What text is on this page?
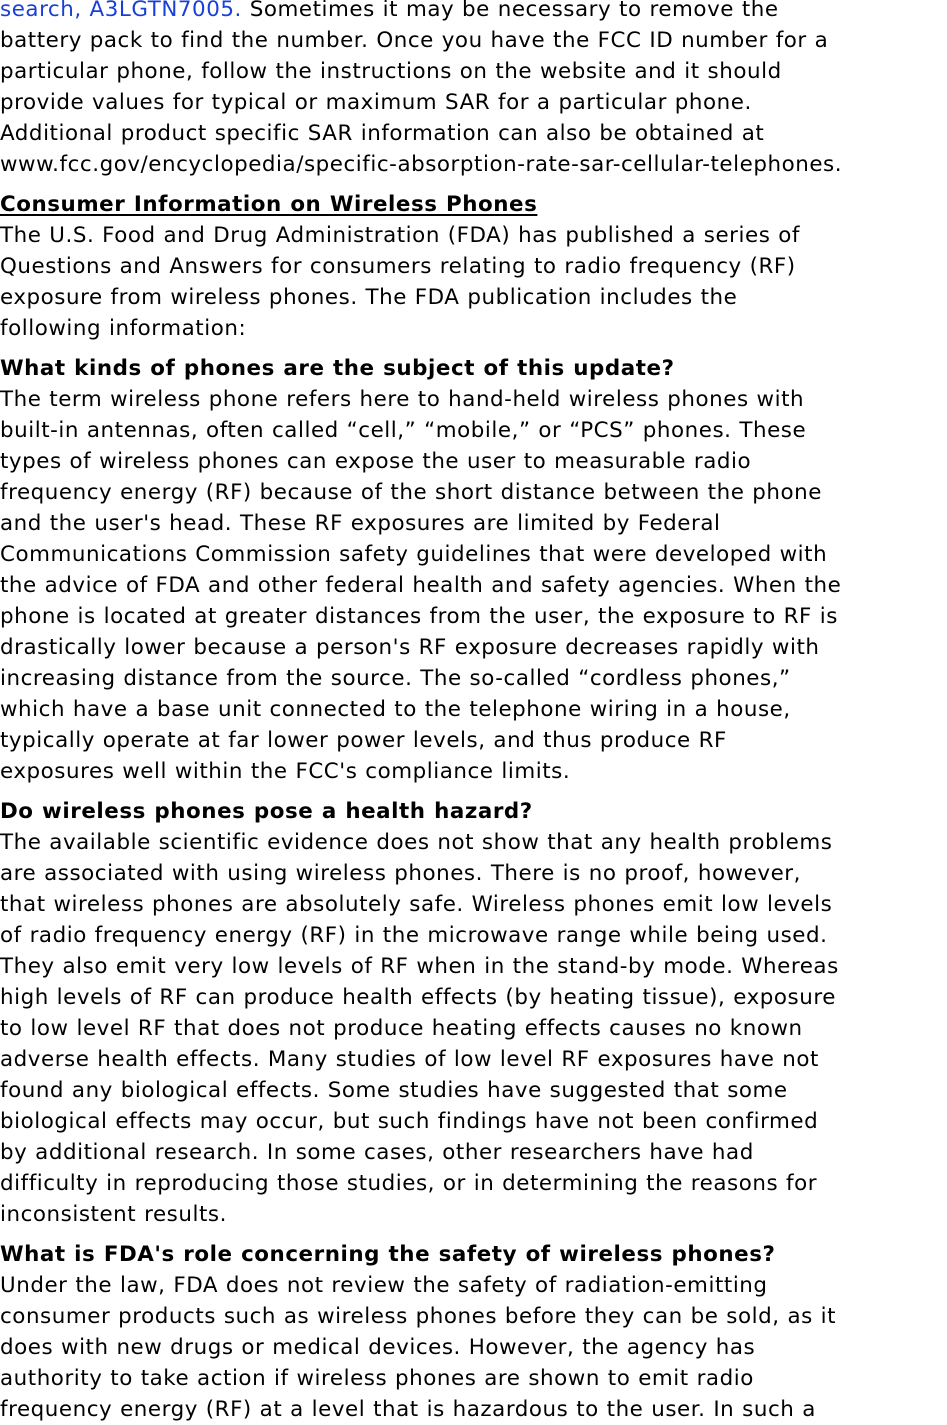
search, A3LGTN7005. Sometimes it may be necessary to remove the
battery pack to find the number. Once you have the FCC ID number for a
particular phone, follow the instructions on the website and it should
provide values for typical or maximum SAR for a particular phone.
Additional product specific SAR information can also be obtained at
www.fcc.gov/encyclopedia/specific-absorption-rate-sar-cellular-telephones.
Consumer Information on Wireless Phones
The U.S. Food and Drug Administration (FDA) has published a series of
Questions and Answers for consumers relating to radio frequency (RF)
exposure from wireless phones. The FDA publication includes the
following information:
What kinds of phones are the subject of this update?
The term wireless phone refers here to hand-held wireless phones with
built-in antennas, often called “cell,” “mobile,” or “PCS” phones. These
types of wireless phones can expose the user to measurable radio
frequency energy (RF) because of the short distance between the phone
and the user's head. These RF exposures are limited by Federal
Communications Commission safety guidelines that were developed with
the advice of FDA and other federal health and safety agencies. When the
phone is located at greater distances from the user, the exposure to RF is
drastically lower because a person's RF exposure decreases rapidly with
increasing distance from the source. The so-called “cordless phones,”
which have a base unit connected to the telephone wiring in a house,
typically operate at far lower power levels, and thus produce RF
exposures well within the FCC's compliance limits.
Do wireless phones pose a health hazard?
The available scientific evidence does not show that any health problems
are associated with using wireless phones. There is no proof, however,
that wireless phones are absolutely safe. Wireless phones emit low levels
of radio frequency energy (RF) in the microwave range while being used.
They also emit very low levels of RF when in the stand-by mode. Whereas
high levels of RF can produce health effects (by heating tissue), exposure
to low level RF that does not produce heating effects causes no known
adverse health effects. Many studies of low level RF exposures have not
found any biological effects. Some studies have suggested that some
biological effects may occur, but such findings have not been confirmed
by additional research. In some cases, other researchers have had
difficulty in reproducing those studies, or in determining the reasons for
inconsistent results.
What is FDA's role concerning the safety of wireless phones?
Under the law, FDA does not review the safety of radiation-emitting
consumer products such as wireless phones before they can be sold, as it
does with new drugs or medical devices. However, the agency has
authority to take action if wireless phones are shown to emit radio
frequency energy (RF) at a level that is hazardous to the user. In such a
